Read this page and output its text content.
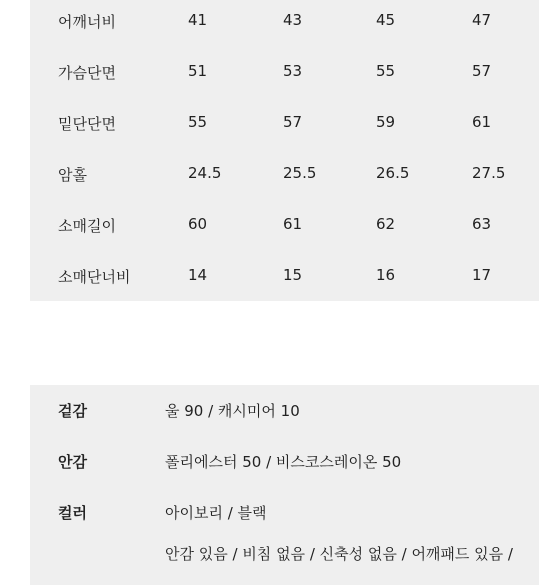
어깨너비	41	43	45	47
가슴단면	51	53	55	57
밑단단면	55	57	59	61
암홀	24.5	25.5	26.5	27.5
소매길이	60	61	62	63
소매단너비	14	15	16	17
겉감	울 90 / 캐시미어 10
안감	폴리에스터 50 / 비스코스레이온 50
컬러	아이보리 / 블랙
안감 있음 / 비침 없음 / 신축성 없음 / 어깨패드 있음 /
